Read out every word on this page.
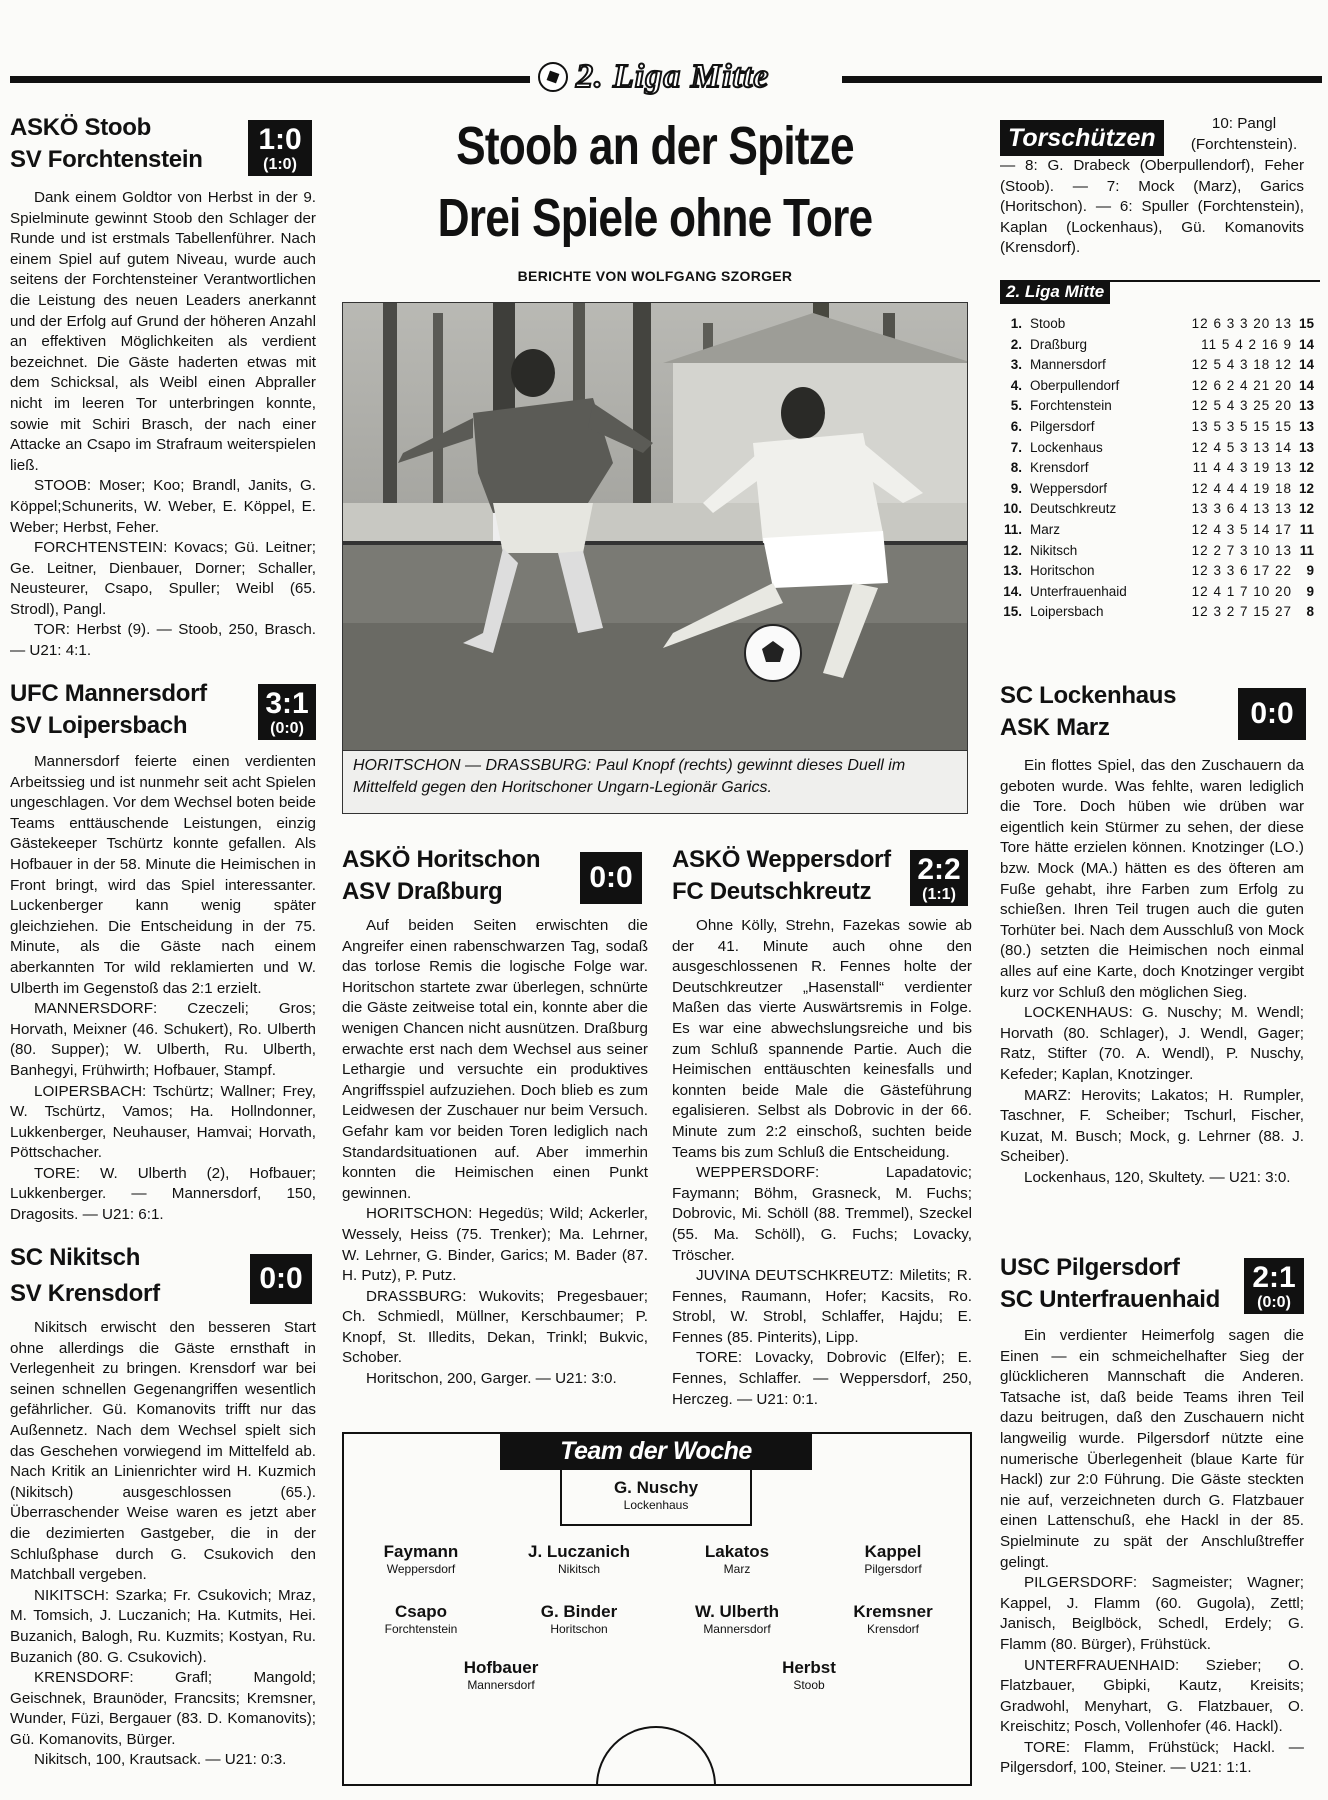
2. Liga Mitte
ASKÖ Stoob
SV Forchtenstein
1:0
(1:0)

Dank einem Goldtor von Herbst in der 9. Spielminute gewinnt Stoob den Schlager der Runde und ist erstmals Tabellenführer. Nach einem Spiel auf gutem Niveau, wurde auch seitens der Forchtensteiner Verantwortlichen die Leistung des neuen Leaders anerkannt und der Erfolg auf Grund der höheren Anzahl an effektiven Möglichkeiten als verdient bezeichnet. Die Gäste haderten etwas mit dem Schicksal, als Weibl einen Abpraller nicht im leeren Tor unterbringen konnte, sowie mit Schiri Brasch, der nach einer Attacke an Csapo im Strafraum weiterspielen ließ.

STOOB: Moser; Koo; Brandl, Janits, G. Köppel;Schunerits, W. Weber, E. Köppel, E. Weber; Herbst, Feher.

FORCHTENSTEIN: Kovacs; Gü. Leitner; Ge. Leitner, Dienbauer, Dorner; Schaller, Neusteurer, Csapo, Spuller; Weibl (65. Strodl), Pangl.

TOR: Herbst (9). — Stoob, 250, Brasch. — U21: 4:1.

UFC Mannersdorf
SV Loipersbach
3:1
(0:0)

Mannersdorf feierte einen verdienten Arbeitssieg und ist nunmehr seit acht Spielen ungeschlagen. Vor dem Wechsel boten beide Teams enttäuschende Leistungen, einzig Gästekeeper Tschürtz konnte gefallen. Als Hofbauer in der 58. Minute die Heimischen in Front bringt, wird das Spiel interessanter. Luckenberger kann wenig später gleichziehen. Die Entscheidung in der 75. Minute, als die Gäste nach einem aberkannten Tor wild reklamierten und W. Ulberth im Gegenstoß das 2:1 erzielt.

MANNERSDORF: Czeczeli; Gros; Horvath, Meixner (46. Schukert), Ro. Ulberth (80. Supper); W. Ulberth, Ru. Ulberth, Banhegyi, Frühwirth; Hofbauer, Stampf.

LOIPERSBACH: Tschürtz; Wallner; Frey, W. Tschürtz, Vamos; Ha. Hollndonner, Lukkenberger, Neuhauser, Hamvai; Horvath, Pöttschacher.

TORE: W. Ulberth (2), Hofbauer; Lukkenberger. — Mannersdorf, 150, Dragosits. — U21: 6:1.

SC Nikitsch
SV Krensdorf	0:0

Nikitsch erwischt den besseren Start ohne allerdings die Gäste ernsthaft in Verlegenheit zu bringen. Krensdorf war bei seinen schnellen Gegenangriffen wesentlich gefährlicher. Gü. Komanovits trifft nur das Außennetz. Nach dem Wechsel spielt sich das Geschehen vorwiegend im Mittelfeld ab. Nach Kritik an Linienrichter wird H. Kuzmich (Nikitsch) ausgeschlossen (65.). Überraschender Weise waren es jetzt aber die dezimierten Gastgeber, die in der Schlußphase durch G. Csukovich den Matchball vergeben.

NIKITSCH: Szarka; Fr. Csukovich; Mraz, M. Tomsich, J. Luczanich; Ha. Kutmits, Hei. Buzanich, Balogh, Ru. Kuzmits; Kostyan, Ru. Buzanich (80. G. Csukovich).

KRENSDORF: Grafl; Mangold; Geischnek, Braunöder, Francsits; Kremsner, Wunder, Füzi, Bergauer (83. D. Komanovits); Gü. Komanovits, Bürger.

Nikitsch, 100, Krautsack. — U21: 0:3.

Stoob an der Spitze
Drei Spiele ohne Tore
BERICHTE VON WOLFGANG SZORGER
HORITSCHON — DRASSBURG: Paul Knopf (rechts) gewinnt dieses Duell im Mittelfeld gegen den Horitschoner Ungarn-Legionär Garics.
ASKÖ Horitschon
ASV Draßburg	0:0

Auf beiden Seiten erwischten die Angreifer einen rabenschwarzen Tag, sodaß das torlose Remis die logische Folge war. Horitschon startete zwar überlegen, schnürte die Gäste zeitweise total ein, konnte aber die wenigen Chancen nicht ausnützen. Draßburg erwachte erst nach dem Wechsel aus seiner Lethargie und versuchte ein produktives Angriffsspiel aufzuziehen. Doch blieb es zum Leidwesen der Zuschauer nur beim Versuch. Gefahr kam vor beiden Toren lediglich nach Standardsituationen auf. Aber immerhin konnten die Heimischen einen Punkt gewinnen.

HORITSCHON: Hegedüs; Wild; Ackerler, Wessely, Heiss (75. Trenker); Ma. Lehrner, W. Lehrner, G. Binder, Garics; M. Bader (87. H. Putz), P. Putz.

DRASSBURG: Wukovits; Pregesbauer; Ch. Schmiedl, Müllner, Kerschbaumer; P. Knopf, St. Illedits, Dekan, Trinkl; Bukvic, Schober.

Horitschon, 200, Garger. — U21: 3:0.

ASKÖ Weppersdorf
FC Deutschkreutz
2:2
(1:1)

Ohne Kölly, Strehn, Fazekas sowie ab der 41. Minute auch ohne den ausgeschlossenen R. Fennes holte der Deutschkreutzer „Hasenstall“ verdienter Maßen das vierte Auswärtsremis in Folge. Es war eine abwechslungsreiche und bis zum Schluß spannende Partie. Auch die Heimischen enttäuschten keinesfalls und konnten beide Male die Gästeführung egalisieren. Selbst als Dobrovic in der 66. Minute zum 2:2 einschoß, suchten beide Teams bis zum Schluß die Entscheidung.

WEPPERSDORF: Lapadatovic; Faymann; Böhm, Grasneck, M. Fuchs; Dobrovic, Mi. Schöll (88. Tremmel), Szeckel (55. Ma. Schöll), G. Fuchs; Lovacky, Tröscher.

JUVINA DEUTSCHKREUTZ: Miletits; R. Fennes, Raumann, Hofer; Kacsits, Ro. Strobl, W. Strobl, Schlaffer, Hajdu; E. Fennes (85. Pinterits), Lipp.

TORE: Lovacky, Dobrovic (Elfer); E. Fennes, Schlaffer. — Weppersdorf, 250, Herczeg. — U21: 0:1.

Team der Woche
G. Nuschy
Lockenhaus
Faymann
Weppersdorf
J. Luczanich
Nikitsch
Lakatos
Marz
Kappel
Pilgersdorf
Csapo
Forchtenstein
G. Binder
Horitschon
W. Ulberth
Mannersdorf
Kremsner
Krensdorf
Hofbauer
Mannersdorf
Herbst
Stoob
Torschützen
10: Pangl (Forchtenstein).

— 8: G. Drabeck (Oberpullendorf), Feher (Stoob). — 7: Mock (Marz), Garics (Horitschon). — 6: Spuller (Forchtenstein), Kaplan (Lockenhaus), Gü. Komanovits (Krensdorf).

2. Liga Mitte
1.	Stoob	12 6 3 3 20 13	15
2.	Draßburg	11 5 4 2 16 9	14
3.	Mannersdorf	12 5 4 3 18 12	14
4.	Oberpullendorf	12 6 2 4 21 20	14
5.	Forchtenstein	12 5 4 3 25 20	13
6.	Pilgersdorf	13 5 3 5 15 15	13
7.	Lockenhaus	12 4 5 3 13 14	13
8.	Krensdorf	11 4 4 3 19 13	12
9.	Weppersdorf	12 4 4 4 19 18	12
10.	Deutschkreutz	13 3 6 4 13 13	12
11.	Marz	12 4 3 5 14 17	11
12.	Nikitsch	12 2 7 3 10 13	11
13.	Horitschon	12 3 3 6 17 22	9
14.	Unterfrauenhaid	12 4 1 7 10 20	9
15.	Loipersbach	12 3 2 7 15 27	8
SC Lockenhaus
ASK Marz	0:0

Ein flottes Spiel, das den Zuschauern da geboten wurde. Was fehlte, waren lediglich die Tore. Doch hüben wie drüben war eigentlich kein Stürmer zu sehen, der diese Tore hätte erzielen können. Knotzinger (LO.) bzw. Mock (MA.) hätten es des öfteren am Fuße gehabt, ihre Farben zum Erfolg zu schießen. Ihren Teil trugen auch die guten Torhüter bei. Nach dem Ausschluß von Mock (80.) setzten die Heimischen noch einmal alles auf eine Karte, doch Knotzinger vergibt kurz vor Schluß den möglichen Sieg.

LOCKENHAUS: G. Nuschy; M. Wendl; Horvath (80. Schlager), J. Wendl, Gager; Ratz, Stifter (70. A. Wendl), P. Nuschy, Kefeder; Kaplan, Knotzinger.

MARZ: Herovits; Lakatos; H. Rumpler, Taschner, F. Scheiber; Tschurl, Fischer, Kuzat, M. Busch; Mock, g. Lehrner (88. J. Scheiber).

Lockenhaus, 120, Skultety. — U21: 3:0.

USC Pilgersdorf
SC Unterfrauenhaid
2:1
(0:0)

Ein verdienter Heimerfolg sagen die Einen — ein schmeichelhafter Sieg der glücklicheren Mannschaft die Anderen. Tatsache ist, daß beide Teams ihren Teil dazu beitrugen, daß den Zuschauern nicht langweilig wurde. Pilgersdorf nützte eine numerische Überlegenheit (blaue Karte für Hackl) zur 2:0 Führung. Die Gäste steckten nie auf, verzeichneten durch G. Flatzbauer einen Lattenschuß, ehe Hackl in der 85. Spielminute zu spät der Anschlußtreffer gelingt.

PILGERSDORF: Sagmeister; Wagner; Kappel, J. Flamm (60. Gugola), Zettl; Janisch, Beiglböck, Schedl, Erdely; G. Flamm (80. Bürger), Frühstück.

UNTERFRAUENHAID: Szieber; O. Flatzbauer, Gbipki, Kautz, Kreisits; Gradwohl, Menyhart, G. Flatzbauer, O. Kreischitz; Posch, Vollenhofer (46. Hackl).

TORE: Flamm, Frühstück; Hackl. — Pilgersdorf, 100, Steiner. — U21: 1:1.
